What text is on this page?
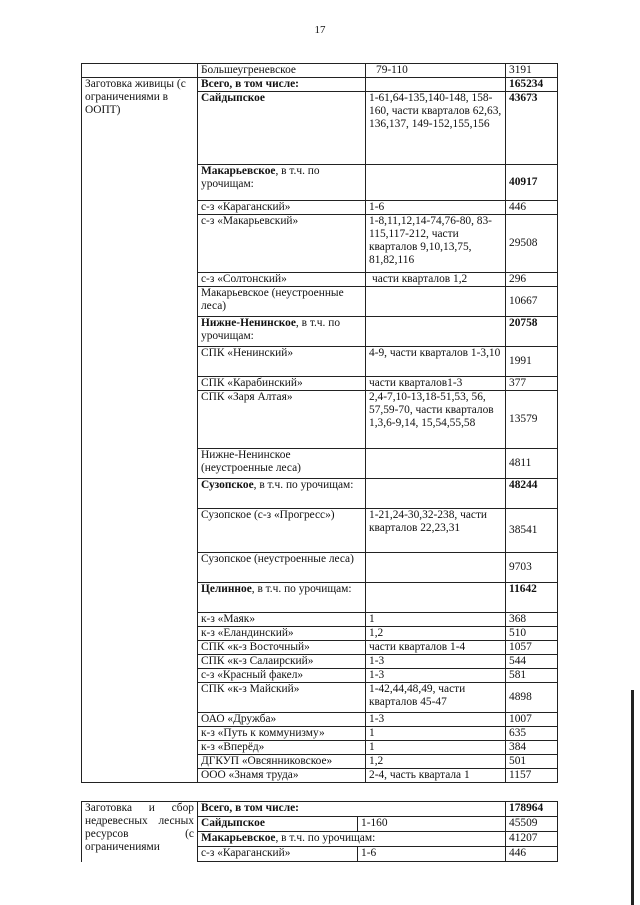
17
	Большеугреневское	79-110	3191
Заготовка живицы (с ограничениями в ООПТ)	Всего, в том числе:		165234
	Сайдыпское	1-61,64-135,140-148, 158-160, части кварталов 62,63, 136,137, 149-152,155,156	43673
	Макарьевское, в т.ч. по урочищам:		40917
	с-з «Караганский»	1-6	446
	с-з «Макарьевский»	1-8,11,12,14-74,76-80, 83-115,117-212, части кварталов 9,10,13,75, 81,82,116	29508
	с-з «Солтонский»	части кварталов 1,2	296
	Макарьевское (неустроенные леса)		10667
	Нижне-Ненинское, в т.ч. по урочищам:		20758
	СПК «Ненинский»	4-9, части кварталов 1-3,10	1991
	СПК «Карабинский»	части кварталов1-3	377
	СПК «Заря Алтая»	2,4-7,10-13,18-51,53, 56, 57,59-70, части кварталов 1,3,6-9,14, 15,54,55,58	13579
	Нижне-Ненинское (неустроенные леса)		4811
	Сузопское, в т.ч. по урочищам:		48244
	Сузопское (с-з «Прогресс»)	1-21,24-30,32-238, части кварталов 22,23,31	38541
	Сузопское (неустроенные леса)		9703
	Целинное, в т.ч. по урочищам:		11642
	к-з «Маяк»	1	368
	к-з «Еландинский»	1,2	510
	СПК «к-з Восточный»	части кварталов 1-4	1057
	СПК «к-з Салаирский»	1-3	544
	с-з «Красный факел»	1-3	581
	СПК «к-з Майский»	1-42,44,48,49, части кварталов 45-47	4898
	ОАО «Дружба»	1-3	1007
	к-з «Путь к коммунизму»	1	635
	к-з «Вперёд»	1	384
	ДГКУП «Овсянниковское»	1,2	501
	ООО «Знамя труда»	2-4, часть квартала 1	1157
Заготовка и сбор недревесных лесных ресурсов (с ограничениями	Всего, в том числе:		178964
	Сайдыпское	1-160	45509
	Макарьевское, в т.ч. по урочищам:		41207
	с-з «Караганский»	1-6	446
